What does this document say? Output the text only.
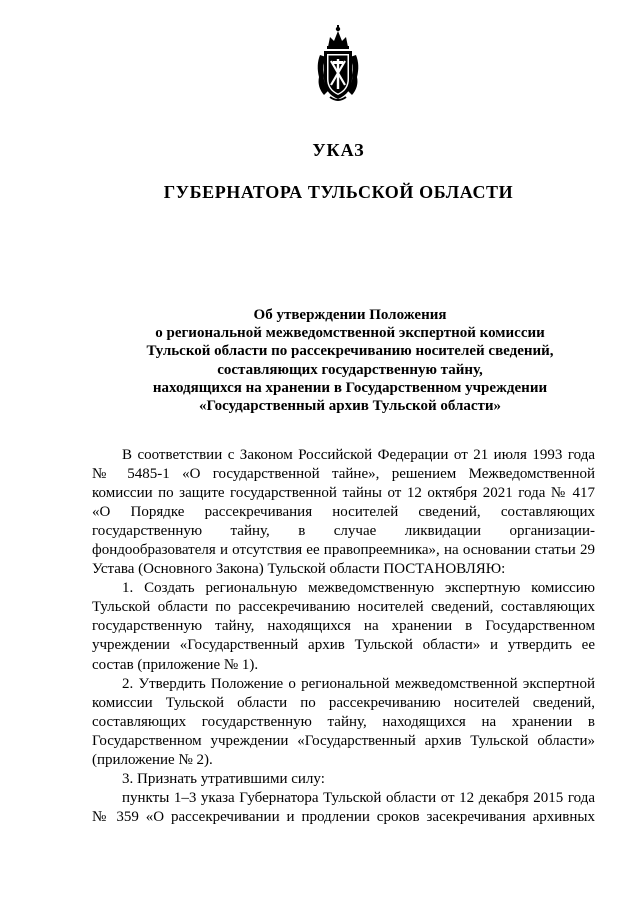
УКАЗ
ГУБЕРНАТОРА ТУЛЬСКОЙ ОБЛАСТИ
Об утверждении Положения
о региональной межведомственной экспертной комиссии
Тульской области по рассекречиванию носителей сведений,
составляющих государственную тайну,
находящихся на хранении в Государственном учреждении
«Государственный архив Тульской области»
В соответствии с Законом Российской Федерации от 21 июля 1993 года
№ 5485-1 «О государственной тайне», решением Межведомственной
комиссии по защите государственной тайны от 12 октября 2021 года № 417
«О Порядке рассекречивания носителей сведений, составляющих
государственную тайну, в случае ликвидации организации-
фондообразователя и отсутствия ее правопреемника», на основании статьи 29
Устава (Основного Закона) Тульской области ПОСТАНОВЛЯЮ:
1. Создать региональную межведомственную экспертную комиссию
Тульской области по рассекречиванию носителей сведений, составляющих
государственную тайну, находящихся на хранении в Государственном
учреждении «Государственный архив Тульской области» и утвердить ее
состав (приложение № 1).
2. Утвердить Положение о региональной межведомственной экспертной
комиссии Тульской области по рассекречиванию носителей сведений,
составляющих государственную тайну, находящихся на хранении в
Государственном учреждении «Государственный архив Тульской области»
(приложение № 2).
3. Признать утратившими силу:
пункты 1–3 указа Губернатора Тульской области от 12 декабря 2015 года
№ 359 «О рассекречивании и продлении сроков засекречивания архивных
